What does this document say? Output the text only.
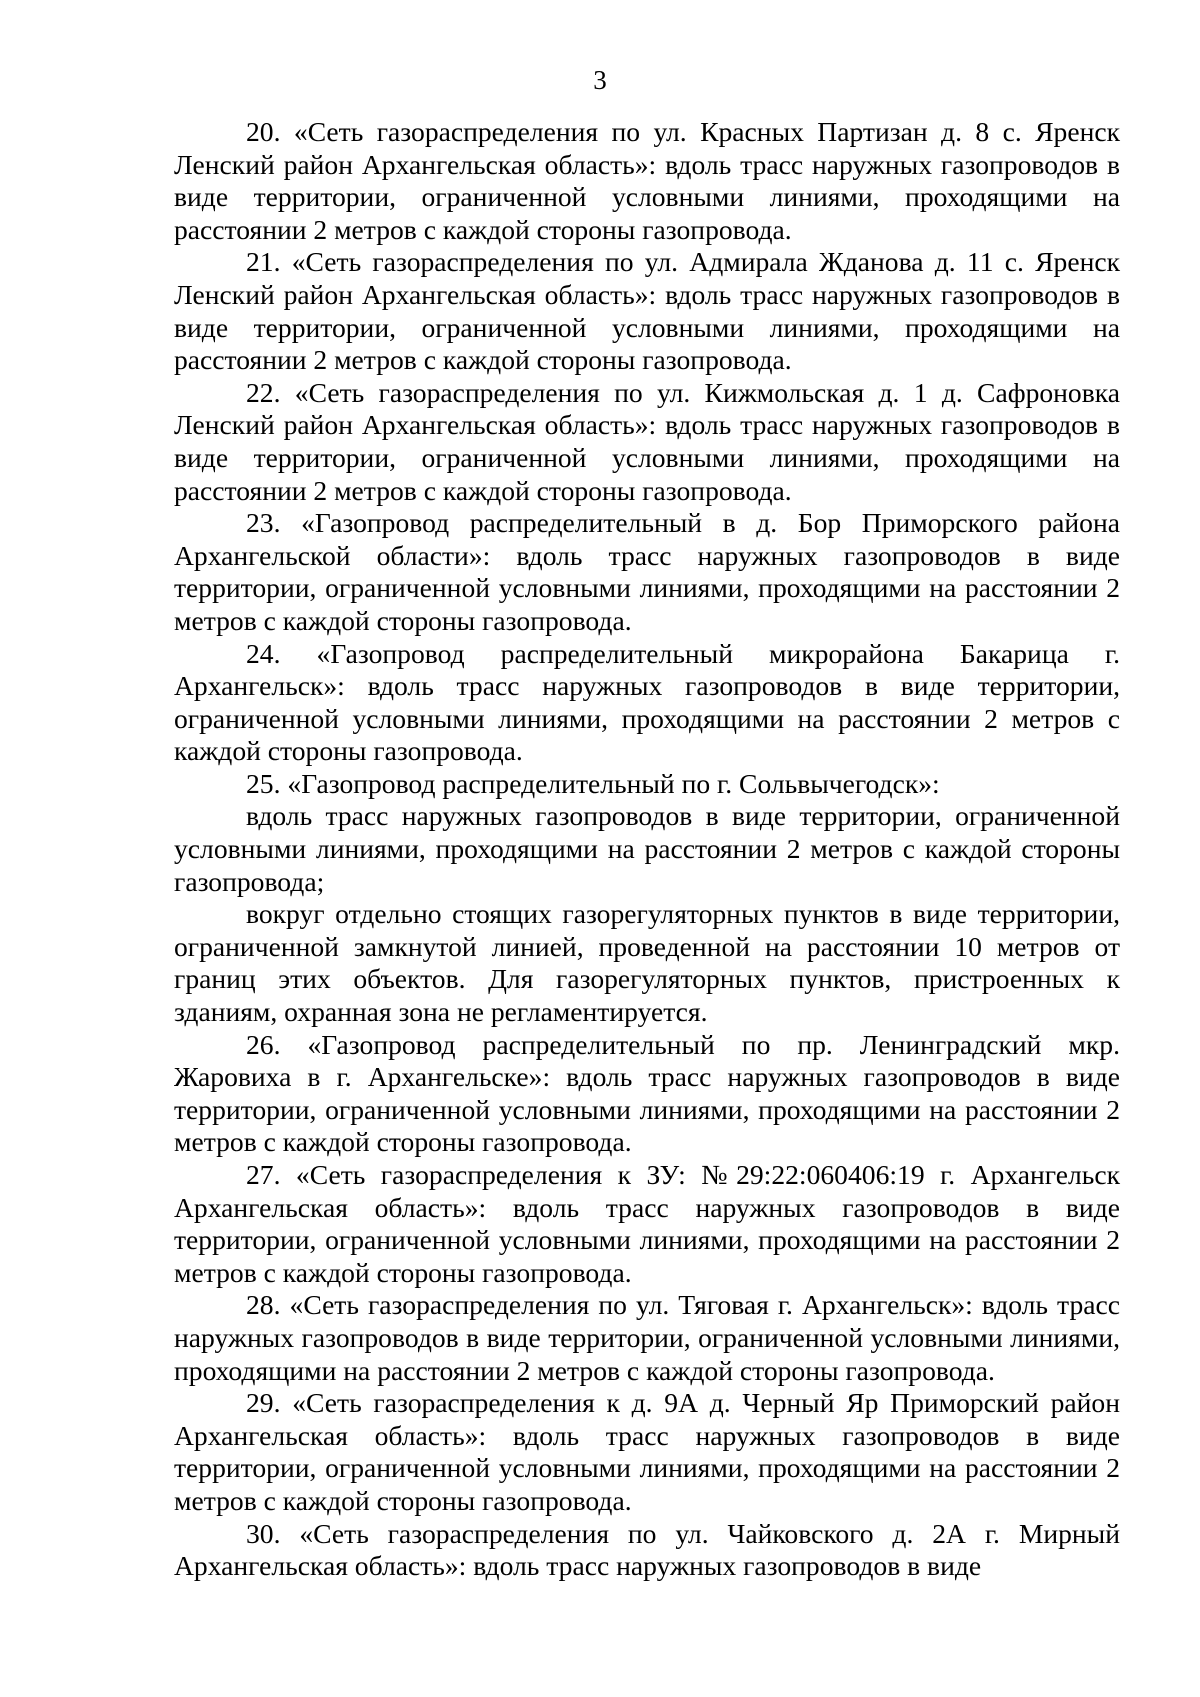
3

20. «Сеть газораспределения по ул. Красных Партизан д. 8 с. Яренск Ленский район Архангельская область»: вдоль трасс наружных газопроводов в виде территории, ограниченной условными линиями, проходящими на расстоянии 2 метров с каждой стороны газопровода.

21. «Сеть газораспределения по ул. Адмирала Жданова д. 11 с. Яренск Ленский район Архангельская область»: вдоль трасс наружных газопроводов в виде территории, ограниченной условными линиями, проходящими на расстоянии 2 метров с каждой стороны газопровода.

22. «Сеть газораспределения по ул. Кижмольская д. 1 д. Сафроновка Ленский район Архангельская область»: вдоль трасс наружных газопроводов в виде территории, ограниченной условными линиями, проходящими на расстоянии 2 метров с каждой стороны газопровода.

23. «Газопровод распределительный в д. Бор Приморского района Архангельской области»: вдоль трасс наружных газопроводов в виде территории, ограниченной условными линиями, проходящими на расстоянии 2 метров с каждой стороны газопровода.

24. «Газопровод распределительный микрорайона Бакарица г. Архангельск»: вдоль трасс наружных газопроводов в виде территории, ограниченной условными линиями, проходящими на расстоянии 2 метров с каждой стороны газопровода.

25. «Газопровод распределительный по г. Сольвычегодск»:

вдоль трасс наружных газопроводов в виде территории, ограниченной условными линиями, проходящими на расстоянии 2 метров с каждой стороны газопровода;

вокруг отдельно стоящих газорегуляторных пунктов в виде территории, ограниченной замкнутой линией, проведенной на расстоянии 10 метров от границ этих объектов. Для газорегуляторных пунктов, пристроенных к зданиям, охранная зона не регламентируется.

26. «Газопровод распределительный по пр. Ленинградский мкр. Жаровиха в г. Архангельске»: вдоль трасс наружных газопроводов в виде территории, ограниченной условными линиями, проходящими на расстоянии 2 метров с каждой стороны газопровода.

27. «Сеть газораспределения к ЗУ: №29:22:060406:19 г. Архангельск Архангельская область»: вдоль трасс наружных газопроводов в виде территории, ограниченной условными линиями, проходящими на расстоянии 2 метров с каждой стороны газопровода.

28. «Сеть газораспределения по ул. Тяговая г. Архангельск»: вдоль трасс наружных газопроводов в виде территории, ограниченной условными линиями, проходящими на расстоянии 2 метров с каждой стороны газопровода.

29. «Сеть газораспределения к д. 9А д. Черный Яр Приморский район Архангельская область»: вдоль трасс наружных газопроводов в виде территории, ограниченной условными линиями, проходящими на расстоянии 2 метров с каждой стороны газопровода.

30. «Сеть газораспределения по ул. Чайковского д. 2А г. Мирный Архангельская область»: вдоль трасс наружных газопроводов в виде
